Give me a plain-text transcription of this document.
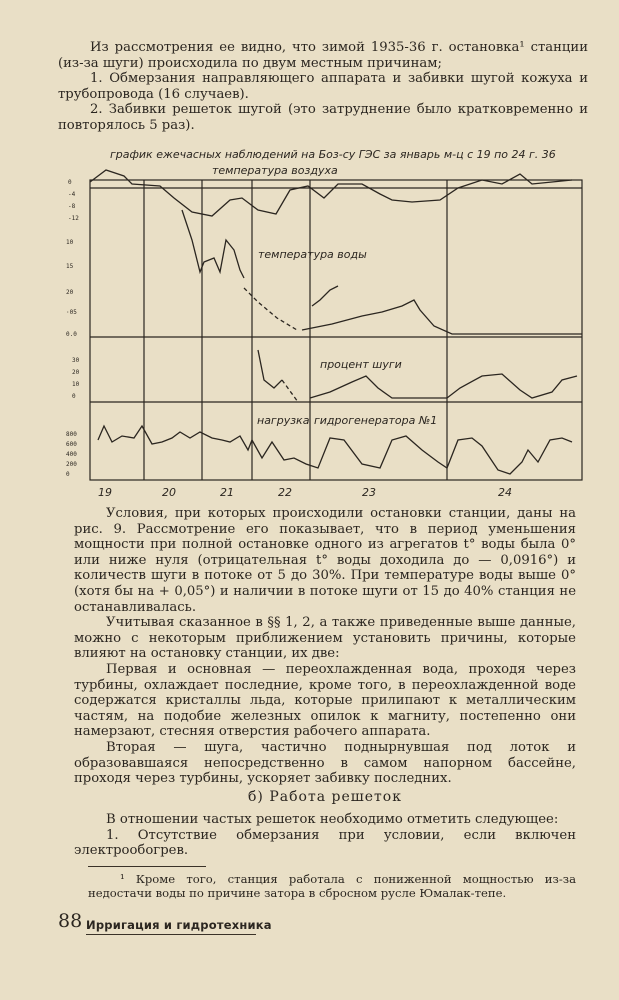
Из рассмотрения ее видно, что зимой 1935-36 г. остановка¹ станции (из-за шуги) происходила по двум местным причинам;

1. Обмерзания направляющего аппарата и забивки шугой кожуха и трубопровода (16 случаев).

2. Забивки решеток шугой (это затруднение было кратковременно и повторялось 5 раз).

график ежечасных наблюдений на Боз-су ГЭС за январь м-ц с 19 по 24 г. 36
температура воздуха
температура воды
процент шуги
нагрузка гидрогенератора №1
0
-4
-8
-12
10
15
20
·05
0.0
30
20
10
0
800
600
400
200
0
19	20	21	22	23	24

Условия, при которых происходили остановки станции, даны на рис. 9. Рассмотрение его показывает, что в период уменьшения мощности при полной остановке одного из агрегатов t° воды была 0° или ниже нуля (отрицательная t° воды доходила до — 0,0916°) и количеств шуги в потоке от 5 до 30%. При температуре воды выше 0° (хотя бы на + 0,05°) и наличии в потоке шуги от 15 до 40% станция не останавливалась.

Учитывая сказанное в §§ 1, 2, а также приведенные выше данные, можно с некоторым приближением установить причины, которые влияют на остановку станции, их две:

Первая и основная — переохлажденная вода, проходя через турбины, охлаждает последние, кроме того, в переохлажденной воде содержатся кристаллы льда, которые прилипают к металлическим частям, на подобие железных опилок к магниту, постепенно они намерзают, стесняя отверстия рабочего аппарата.

Вторая — шуга, частично поднырнувшая под лоток и образовавшаяся непосредственно в самом напорном бассейне, проходя через турбины, ускоряет забивку последних.

б) Работа решеток

В отношении частых решеток необходимо отметить следующее:

1. Отсутствие обмерзания при условии, если включен электрообогрев.

¹ Кроме того, станция работала с пониженной мощностью из-за недостачи воды по причине затора в сбросном русле Юмалак-тепе.
88 Ирригация и гидротехника
